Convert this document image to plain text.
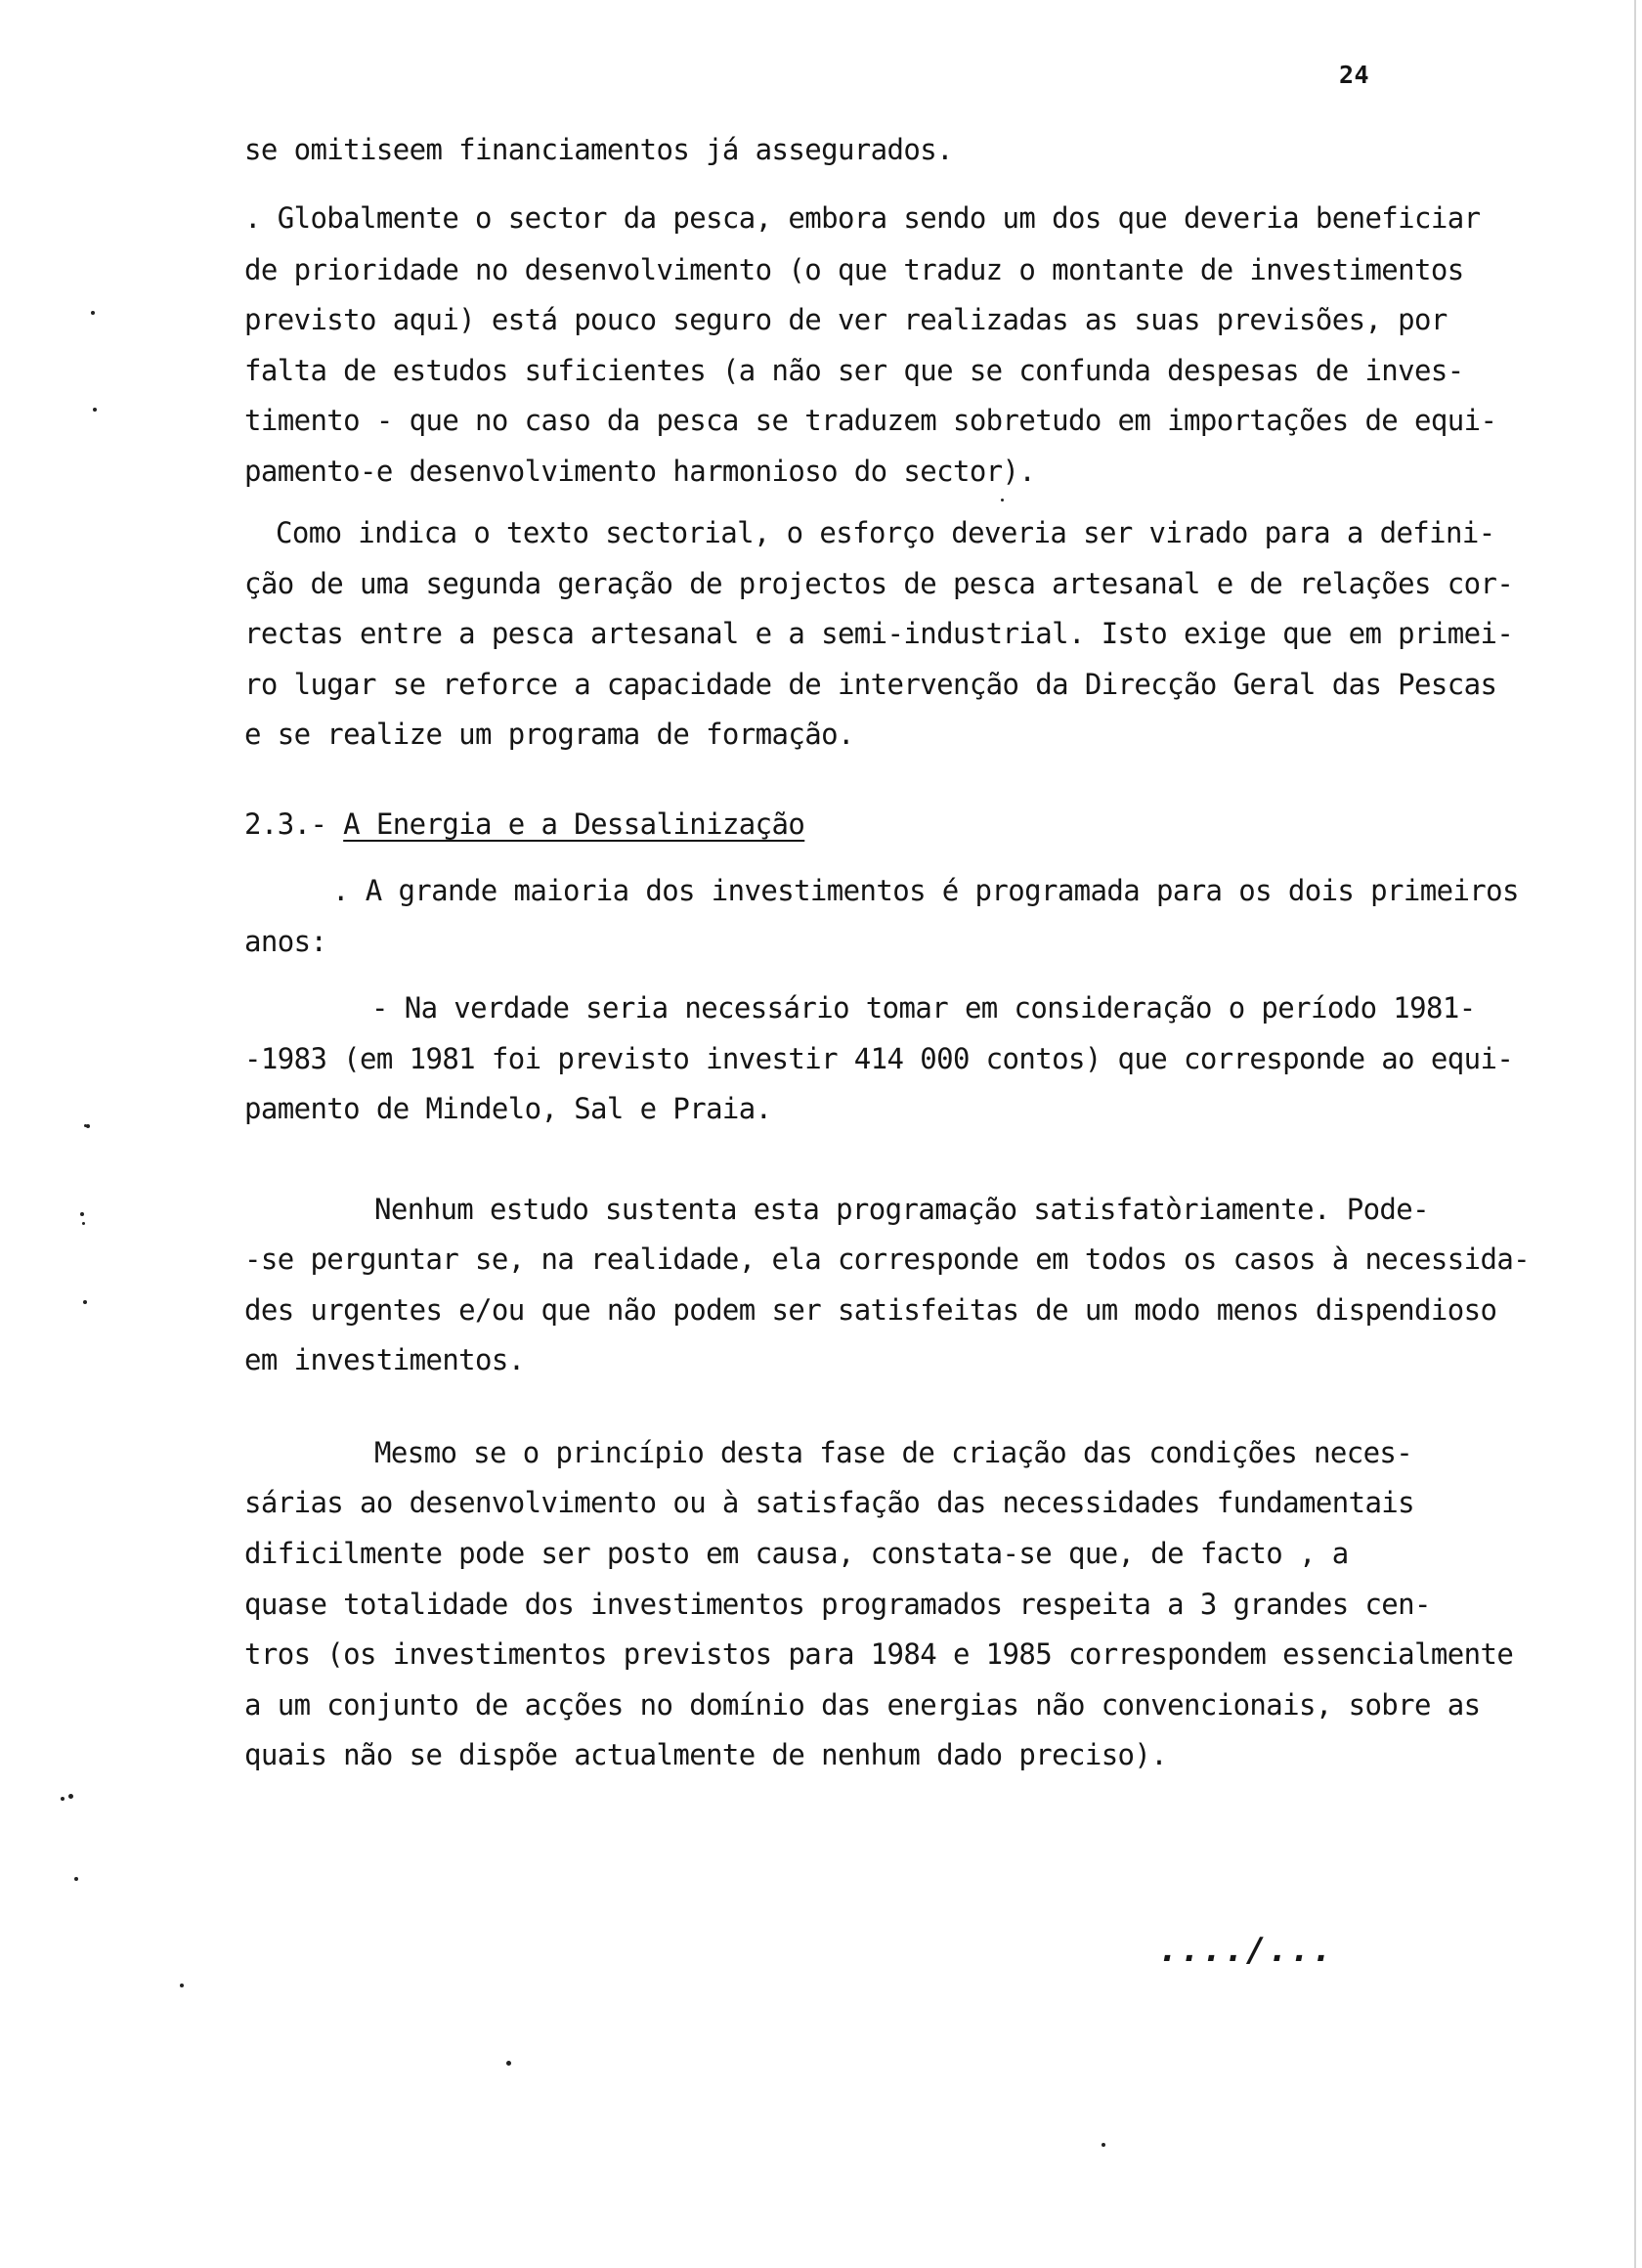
24
se omitiseem financiamentos já assegurados.
. Globalmente o sector da pesca, embora sendo um dos que deveria beneficiar
de prioridade no desenvolvimento (o que traduz o montante de investimentos
previsto aqui) está pouco seguro de ver realizadas as suas previsões, por
falta de estudos suficientes (a não ser que se confunda despesas de inves-
timento - que no caso da pesca se traduzem sobretudo em importações de equi-
pamento-e desenvolvimento harmonioso do sector).
Como indica o texto sectorial, o esforço deveria ser virado para a defini-
ção de uma segunda geração de projectos de pesca artesanal e de relações cor-
rectas entre a pesca artesanal e a semi-industrial. Isto exige que em primei-
ro lugar se reforce a capacidade de intervenção da Direcção Geral das Pescas
e se realize um programa de formação.
2.3.- A Energia e a Dessalinização
. A grande maioria dos investimentos é programada para os dois primeiros
anos:
- Na verdade seria necessário tomar em consideração o período 1981-
-1983 (em 1981 foi previsto investir 414 000 contos) que corresponde ao equi-
pamento de Mindelo, Sal e Praia.
Nenhum estudo sustenta esta programação satisfatòriamente. Pode-
-se perguntar se, na realidade, ela corresponde em todos os casos à necessida-
des urgentes e/ou que não podem ser satisfeitas de um modo menos dispendioso
em investimentos.
Mesmo se o princípio desta fase de criação das condições neces-
sárias ao desenvolvimento ou à satisfação das necessidades fundamentais
dificilmente pode ser posto em causa, constata-se que, de facto , a
quase totalidade dos investimentos programados respeita a 3 grandes cen-
tros (os investimentos previstos para 1984 e 1985 correspondem essencialmente
a um conjunto de acções no domínio das energias não convencionais, sobre as
quais não se dispõe actualmente de nenhum dado preciso).
..../...
